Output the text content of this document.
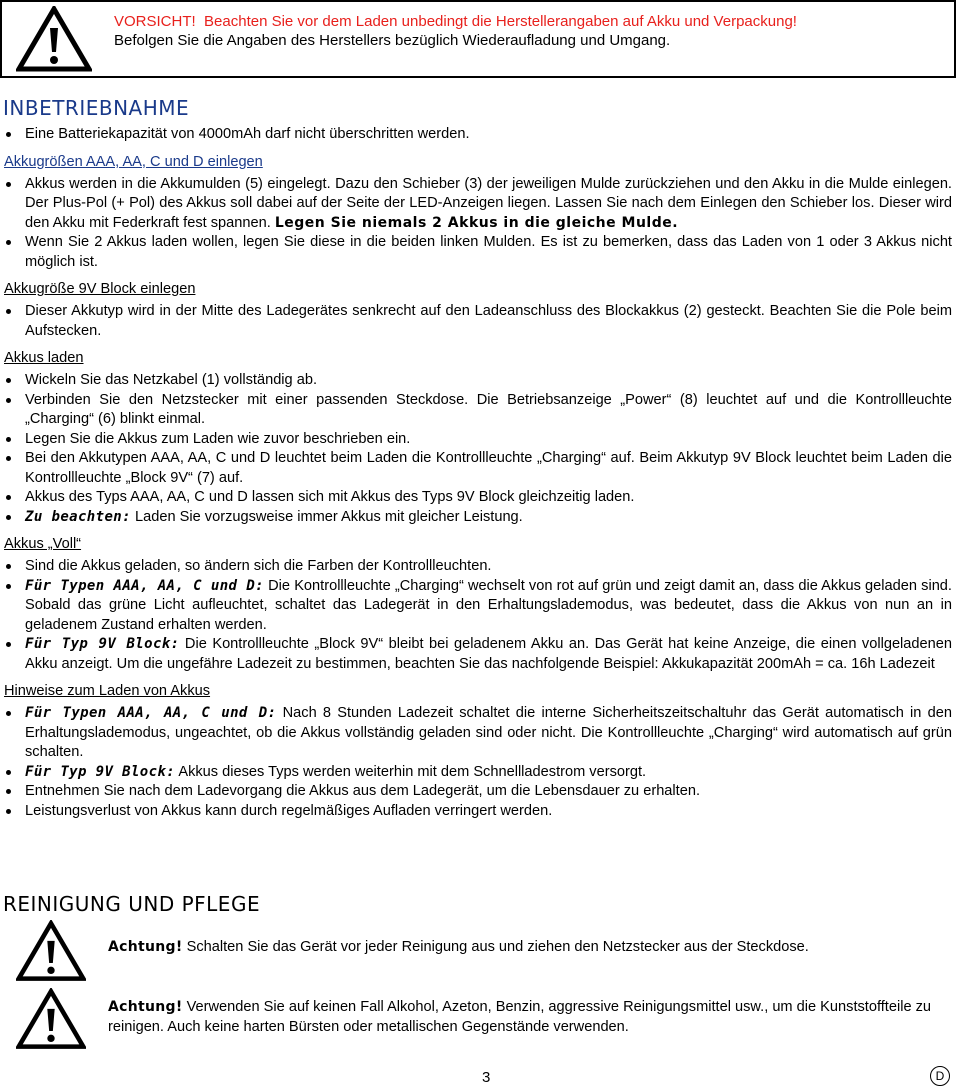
VORSICHT! Beachten Sie vor dem Laden unbedingt die Herstellerangaben auf Akku und Verpackung!
Befolgen Sie die Angaben des Herstellers bezüglich Wiederaufladung und Umgang.
INBETRIEBNAHME
Eine Batteriekapazität von 4000mAh darf nicht überschritten werden.

Akkugrößen AAA, AA, C und D einlegen

Akkus werden in die Akkumulden (5) eingelegt. Dazu den Schieber (3) der jeweiligen Mulde zurückziehen und den Akku in die Mulde einlegen. Der Plus-Pol (+ Pol) des Akkus soll dabei auf der Seite der LED-Anzeigen liegen. Lassen Sie nach dem Einlegen den Schieber los. Dieser wird den Akku mit Federkraft fest spannen. Legen Sie niemals 2 Akkus in die gleiche Mulde.
Wenn Sie 2 Akkus laden wollen, legen Sie diese in die beiden linken Mulden. Es ist zu bemerken, dass das Laden von 1 oder 3 Akkus nicht möglich ist.

Akkugröße 9V Block einlegen

Dieser Akkutyp wird in der Mitte des Ladegerätes senkrecht auf den Ladeanschluss des Blockakkus (2) gesteckt. Beachten Sie die Pole beim Aufstecken.

Akkus laden

Wickeln Sie das Netzkabel (1) vollständig ab.
Verbinden Sie den Netzstecker mit einer passenden Steckdose. Die Betriebsanzeige „Power“ (8) leuchtet auf und die Kontrollleuchte „Charging“ (6) blinkt einmal.
Legen Sie die Akkus zum Laden wie zuvor beschrieben ein.
Bei den Akkutypen AAA, AA, C und D leuchtet beim Laden die Kontrollleuchte „Charging“ auf. Beim Akkutyp 9V Block leuchtet beim Laden die Kontrollleuchte „Block 9V“ (7) auf.
Akkus des Typs AAA, AA, C und D lassen sich mit Akkus des Typs 9V Block gleichzeitig laden.
Zu beachten: Laden Sie vorzugsweise immer Akkus mit gleicher Leistung.

Akkus „Voll“

Sind die Akkus geladen, so ändern sich die Farben der Kontrollleuchten.
Für Typen AAA, AA, C und D: Die Kontrollleuchte „Charging“ wechselt von rot auf grün und zeigt damit an, dass die Akkus geladen sind. Sobald das grüne Licht aufleuchtet, schaltet das Ladegerät in den Erhaltungslademodus, was bedeutet, dass die Akkus von nun an in geladenem Zustand erhalten werden.
Für Typ 9V Block: Die Kontrollleuchte „Block 9V“ bleibt bei geladenem Akku an. Das Gerät hat keine Anzeige, die einen vollgeladenen Akku anzeigt. Um die ungefähre Ladezeit zu bestimmen, beachten Sie das nachfolgende Beispiel: Akkukapazität 200mAh = ca. 16h Ladezeit

Hinweise zum Laden von Akkus

Für Typen AAA, AA, C und D: Nach 8 Stunden Ladezeit schaltet die interne Sicherheitszeitschaltuhr das Gerät automatisch in den Erhaltungslademodus, ungeachtet, ob die Akkus vollständig geladen sind oder nicht. Die Kontrollleuchte „Charging“ wird automatisch auf grün schalten.
Für Typ 9V Block: Akkus dieses Typs werden weiterhin mit dem Schnellladestrom versorgt.
Entnehmen Sie nach dem Ladevorgang die Akkus aus dem Ladegerät, um die Lebensdauer zu erhalten.
Leistungsverlust von Akkus kann durch regelmäßiges Aufladen verringert werden.
REINIGUNG UND PFLEGE
Achtung! Schalten Sie das Gerät vor jeder Reinigung aus und ziehen den Netzstecker aus der Steckdose.
Achtung! Verwenden Sie auf keinen Fall Alkohol, Azeton, Benzin, aggressive Reinigungsmittel usw., um die Kunststoffteile zu reinigen. Auch keine harten Bürsten oder metallischen Gegenstände verwenden.
3	D
